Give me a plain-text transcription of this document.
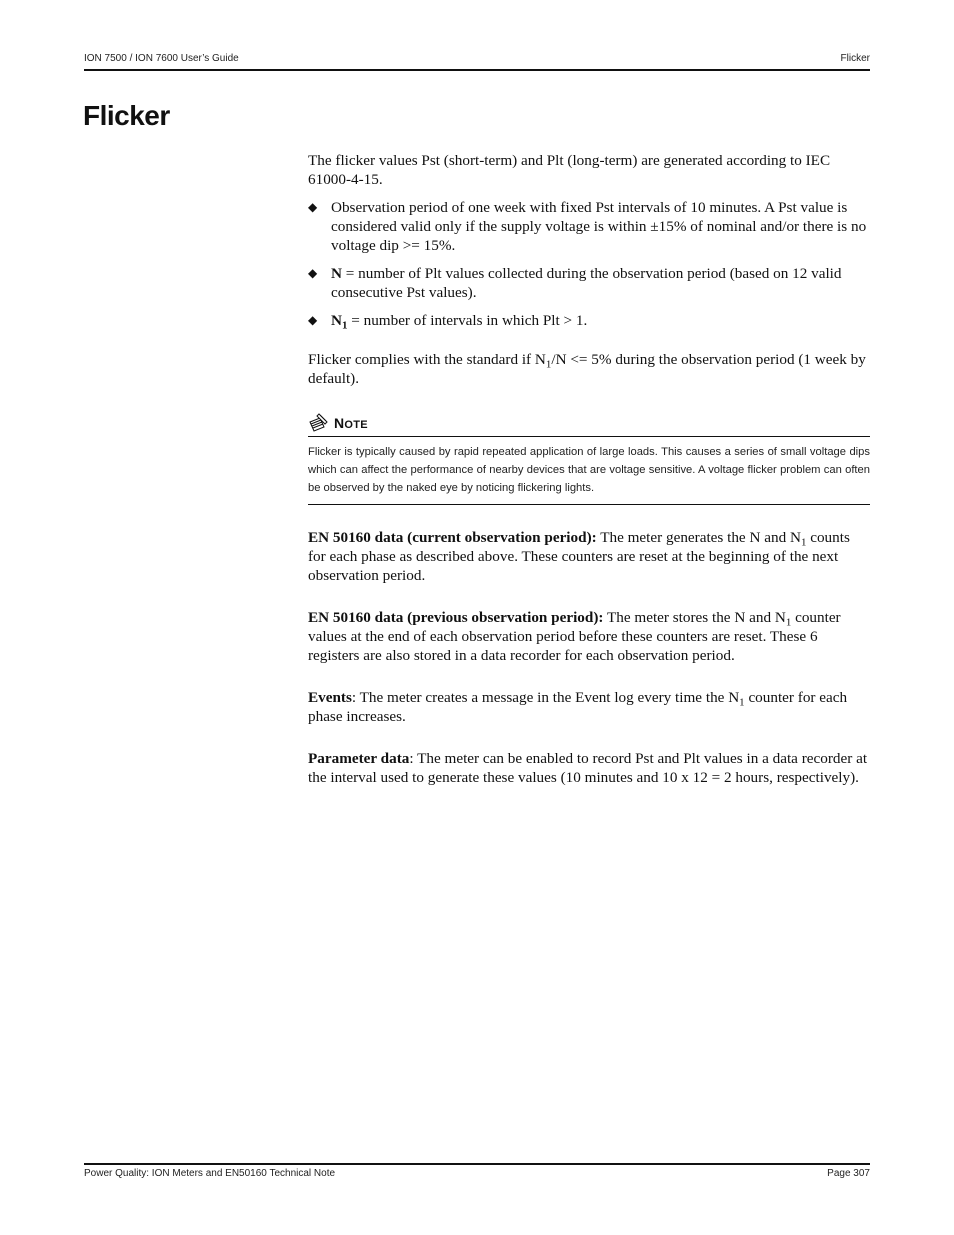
ION 7500 / ION 7600 User’s Guide	Flicker
Flicker

The flicker values Pst (short-term) and Plt (long-term) are generated according to IEC 61000-4-15.

◆ Observation period of one week with fixed Pst intervals of 10 minutes. A Pst value is considered valid only if the supply voltage is within ±15% of nominal and/or there is no voltage dip >= 15%.
◆ N = number of Plt values collected during the observation period (based on 12 valid consecutive Pst values).
◆ $N_1$ = number of intervals in which Plt > 1.

Flicker complies with the standard if $N_1/N <= 5\%$ during the observation period (1 week by default).

NOTE
Flicker is typically caused by rapid repeated application of large loads. This causes a series of small voltage dips which can affect the performance of nearby devices that are voltage sensitive. A voltage flicker problem can often be observed by the naked eye by noticing flickering lights.

EN 50160 data (current observation period): The meter generates the N and $N_1$ counts for each phase as described above. These counters are reset at the beginning of the next observation period.

EN 50160 data (previous observation period): The meter stores the N and $N_1$ counter values at the end of each observation period before these counters are reset. These 6 registers are also stored in a data recorder for each observation period.

Events: The meter creates a message in the Event log every time the $N_1$ counter for each phase increases.

Parameter data: The meter can be enabled to record Pst and Plt values in a data recorder at the interval used to generate these values (10 minutes and 10 x 12 = 2 hours, respectively).

Power Quality: ION Meters and EN50160 Technical Note	Page 307
